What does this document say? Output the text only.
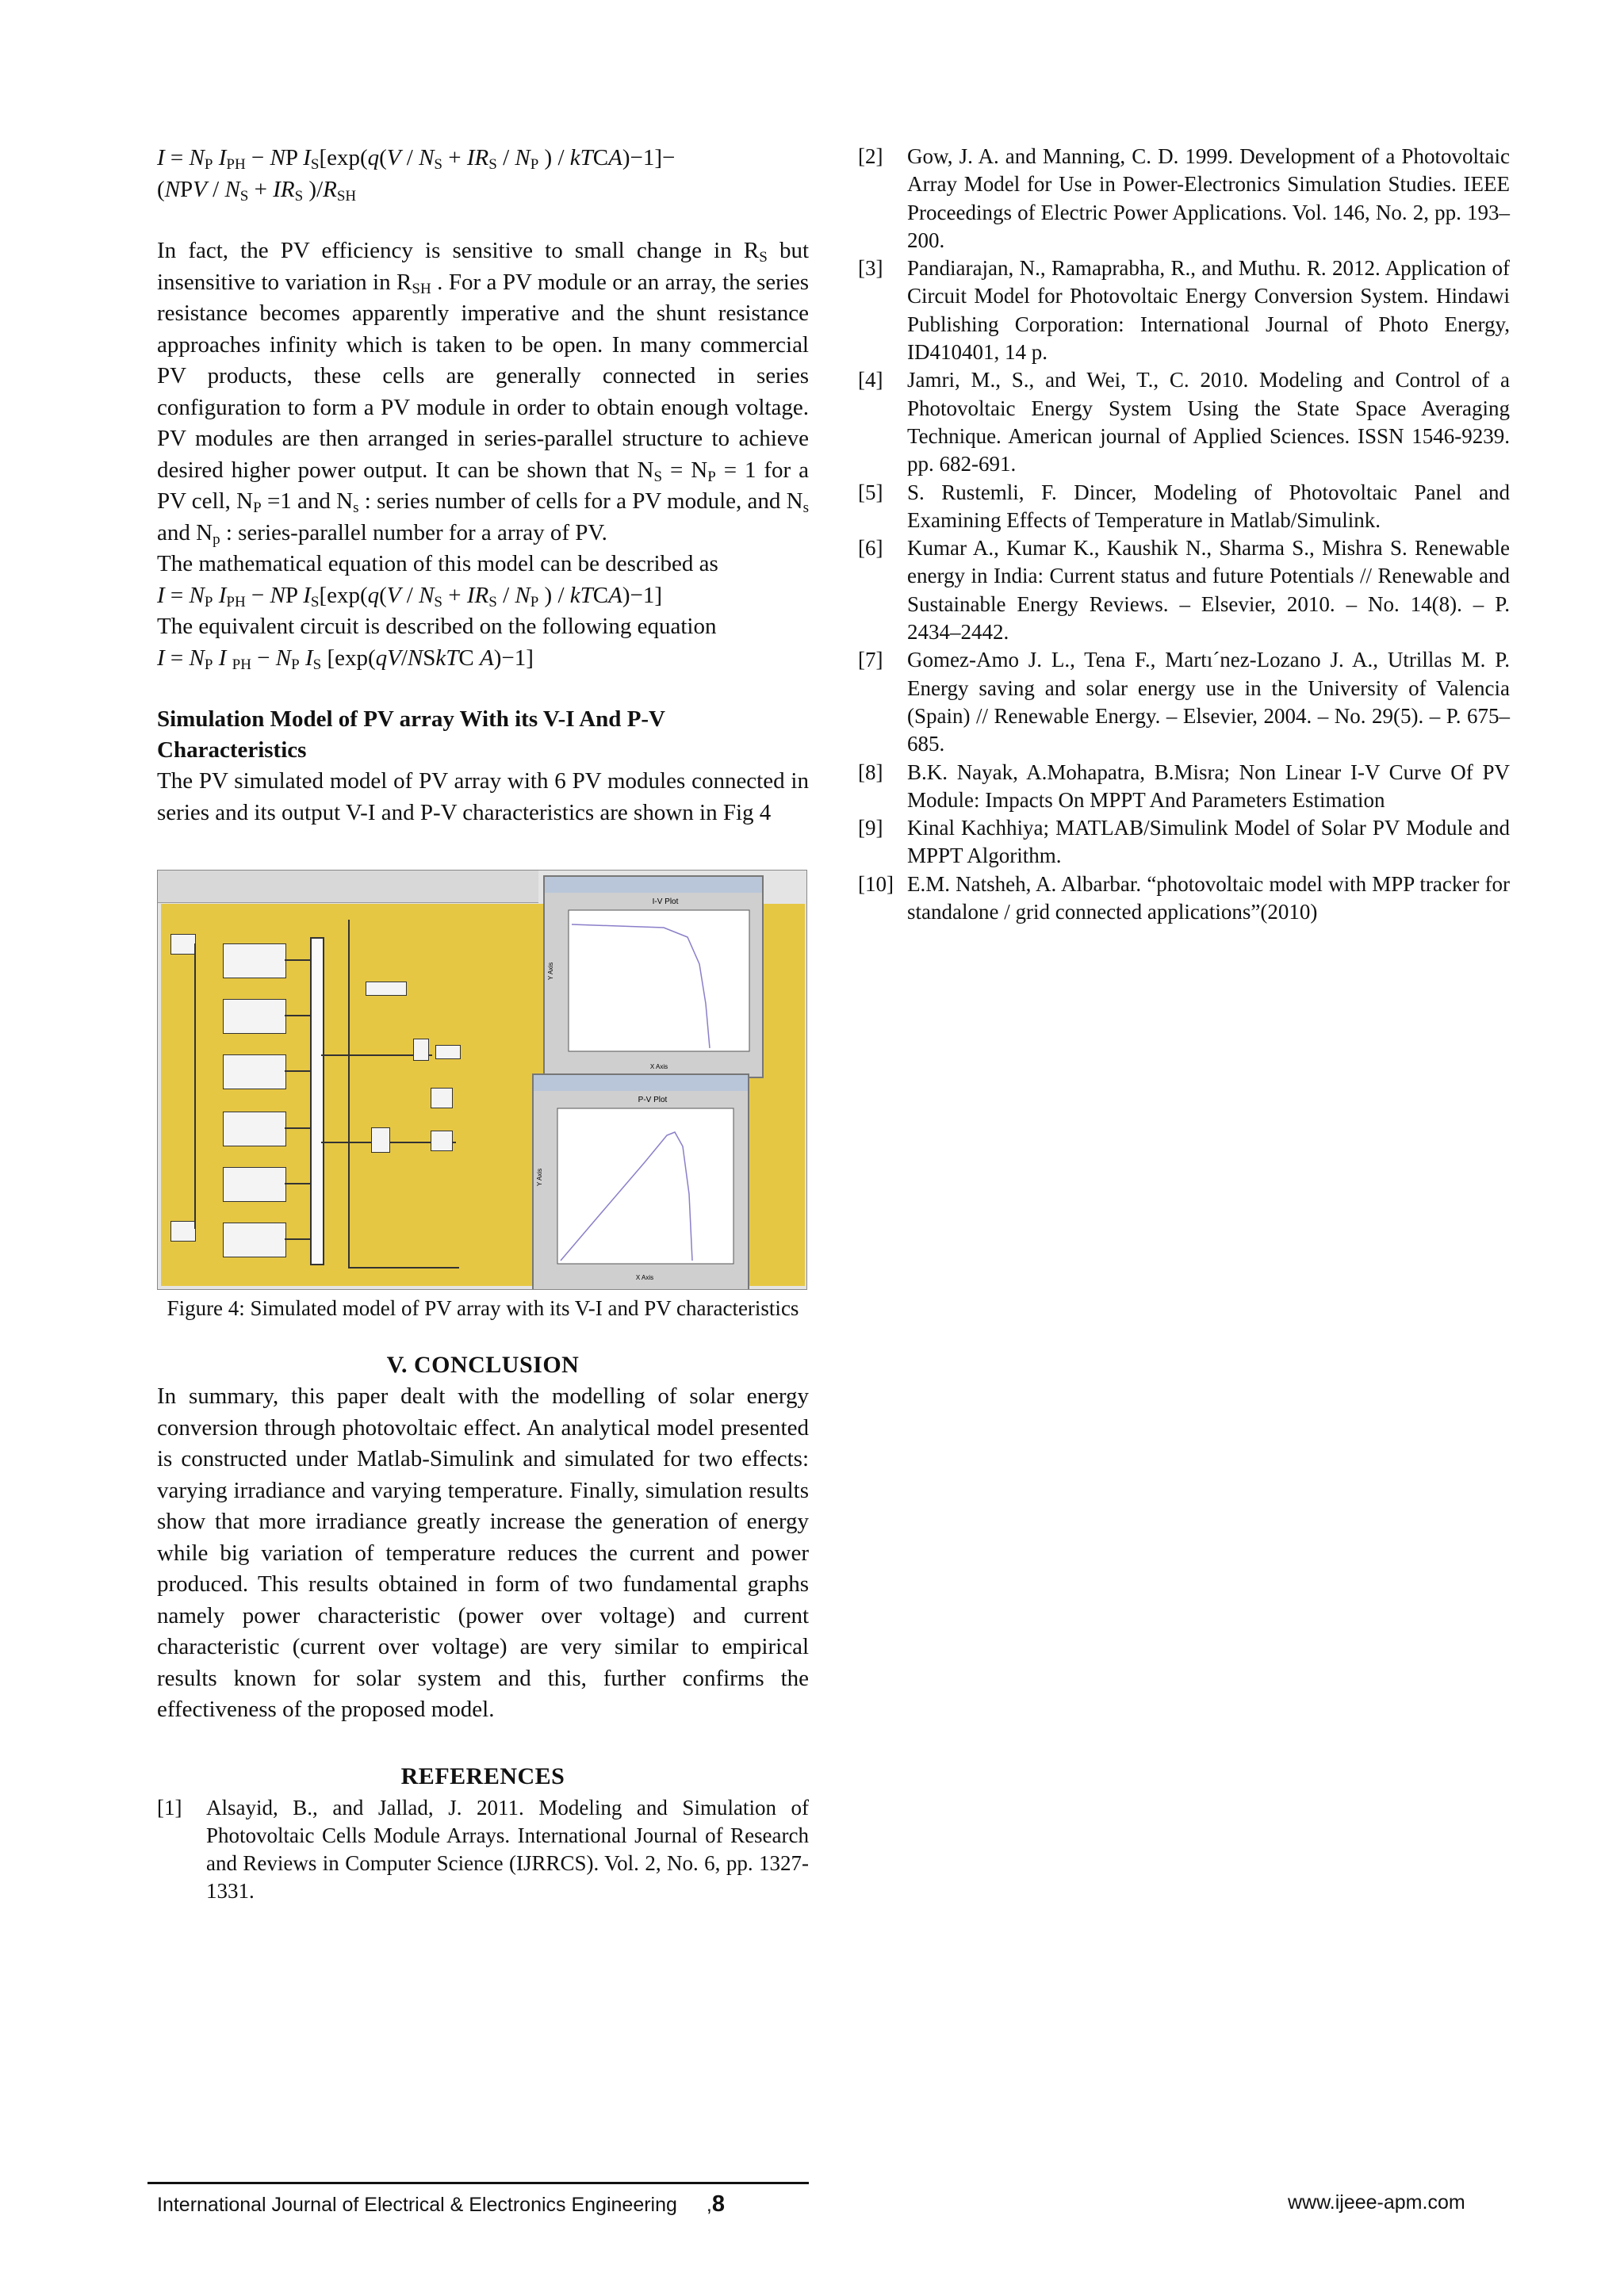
$I = N_P$ $I_{PH}$ − NP $I_S[\exp(q(V / N_S + IR_S / N_P$ ) / kTCA)−1]−
($NPV / N_S + IR_S$ )$/R_{SH}$

In fact, the PV efficiency is sensitive to small change in $R_S$ but insensitive to variation in $R_{SH}$ . For a PV module or an array, the series resistance becomes apparently imperative and the shunt resistance approaches infinity which is taken to be open. In many commercial PV products, these cells are generally connected in series configuration to form a PV module in order to obtain enough voltage. PV modules are then arranged in series-parallel structure to achieve desired higher power output. It can be shown that $N_S = N_P = 1$ for a PV cell, $N_P =1$ and $N_s$ : series number of cells for a PV module, and $N_s$ and $N_p$ : series-parallel number for a array of PV.

The mathematical equation of this model can be described as

$I = N_P$ $I_{PH}$ − NP $I_S[\exp(q(V / N_S + IR_S / N_P$ ) / kTCA)−1]

The equivalent circuit is described on the following equation

$I = N_P$ I $_{PH} - N_P$ $I_S$ [exp(qV/NSkTC A)−1]
Simulation Model of PV array With its V-I And P-V Characteristics

The PV simulated model of PV array with 6 PV modules connected in series and its output V-I and P-V characteristics are shown in Fig 4

I-V Plot
Y Axis
X Axis
P-V Plot
Y Axis
X Axis
Figure 4: Simulated model of PV array with its V-I and PV characteristics
V. CONCLUSION

In summary, this paper dealt with the modelling of solar energy conversion through photovoltaic effect. An analytical model presented is constructed under Matlab-Simulink and simulated for two effects: varying irradiance and varying temperature. Finally, simulation results show that more irradiance greatly increase the generation of energy while big variation of temperature reduces the current and power produced. This results obtained in form of two fundamental graphs namely power characteristic (power over voltage) and current characteristic (current over voltage) are very similar to empirical results known for solar system and this, further confirms the effectiveness of the proposed model.

REFERENCES
[1] Alsayid, B., and Jallad, J. 2011. Modeling and Simulation of Photovoltaic Cells Module Arrays. International Journal of Research and Reviews in Computer Science (IJRRCS). Vol. 2, No. 6, pp. 1327-1331.
[2] Gow, J. A. and Manning, C. D. 1999. Development of a Photovoltaic Array Model for Use in Power-Electronics Simulation Studies. IEEE Proceedings of Electric Power Applications. Vol. 146, No. 2, pp. 193–200.
[3] Pandiarajan, N., Ramaprabha, R., and Muthu. R. 2012. Application of Circuit Model for Photovoltaic Energy Conversion System. Hindawi Publishing Corporation: International Journal of Photo Energy, ID410401, 14 p.
[4] Jamri, M., S., and Wei, T., C. 2010. Modeling and Control of a Photovoltaic Energy System Using the State Space Averaging Technique. American journal of Applied Sciences. ISSN 1546-9239. pp. 682-691.
[5] S. Rustemli, F. Dincer, Modeling of Photovoltaic Panel and Examining Effects of Temperature in Matlab/Simulink.
[6] Kumar A., Kumar K., Kaushik N., Sharma S., Mishra S. Renewable energy in India: Current status and future Potentials // Renewable and Sustainable Energy Reviews. – Elsevier, 2010. – No. 14(8). – P. 2434–2442.
[7] Gomez-Amo J. L., Tena F., Martı´nez-Lozano J. A., Utrillas M. P. Energy saving and solar energy use in the University of Valencia (Spain) // Renewable Energy. – Elsevier, 2004. – No. 29(5). – P. 675–685.
[8] B.K. Nayak, A.Mohapatra, B.Misra; Non Linear I-V Curve Of PV Module: Impacts On MPPT And Parameters Estimation
[9] Kinal Kachhiya; MATLAB/Simulink Model of Solar PV Module and MPPT Algorithm.
[10] E.M. Natsheh, A. Albarbar. “photovoltaic model with MPP tracker for standalone / grid connected applications”(2010)
International Journal of Electrical & Electronics Engineering ,8	www.ijeee-apm.com
